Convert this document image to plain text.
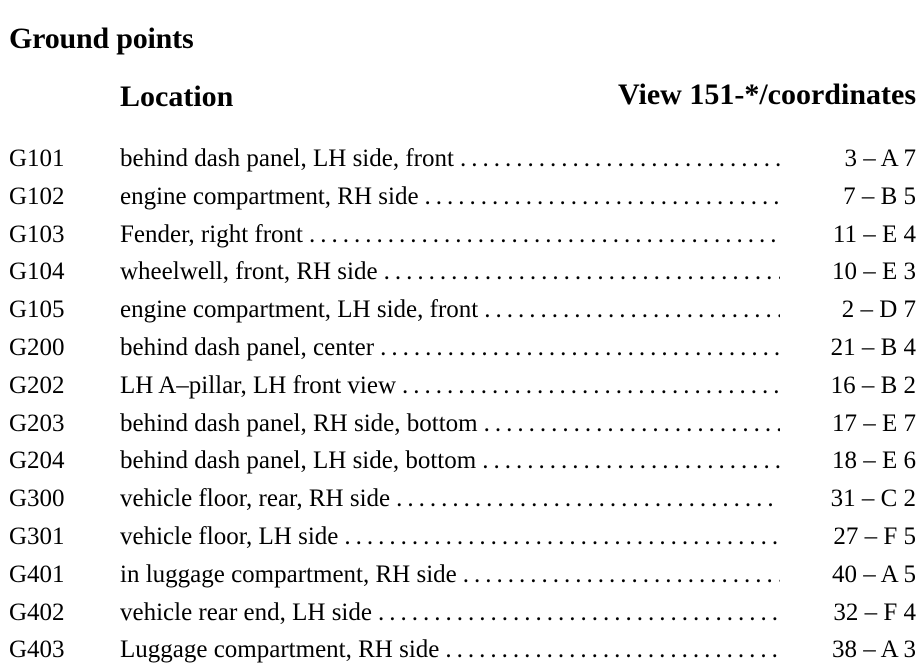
Ground points
Location	View 151-*/coordinates
G101 behind dash panel, LH side, front .....	3 – A 7
G102 engine compartment, RH side .....	7 – B 5
G103 Fender, right front .....	11 – E 4
G104 wheelwell, front, RH side .....	10 – E 3
G105 engine compartment, LH side, front .....	2 – D 7
G200 behind dash panel, center .....	21 – B 4
G202 LH A–pillar, LH front view .....	16 – B 2
G203 behind dash panel, RH side, bottom .....	17 – E 7
G204 behind dash panel, LH side, bottom .....	18 – E 6
G300 vehicle floor, rear, RH side .....	31 – C 2
G301 vehicle floor, LH side .....	27 – F 5
G401 in luggage compartment, RH side .....	40 – A 5
G402 vehicle rear end, LH side .....	32 – F 4
G403 Luggage compartment, RH side .....	38 – A 3
